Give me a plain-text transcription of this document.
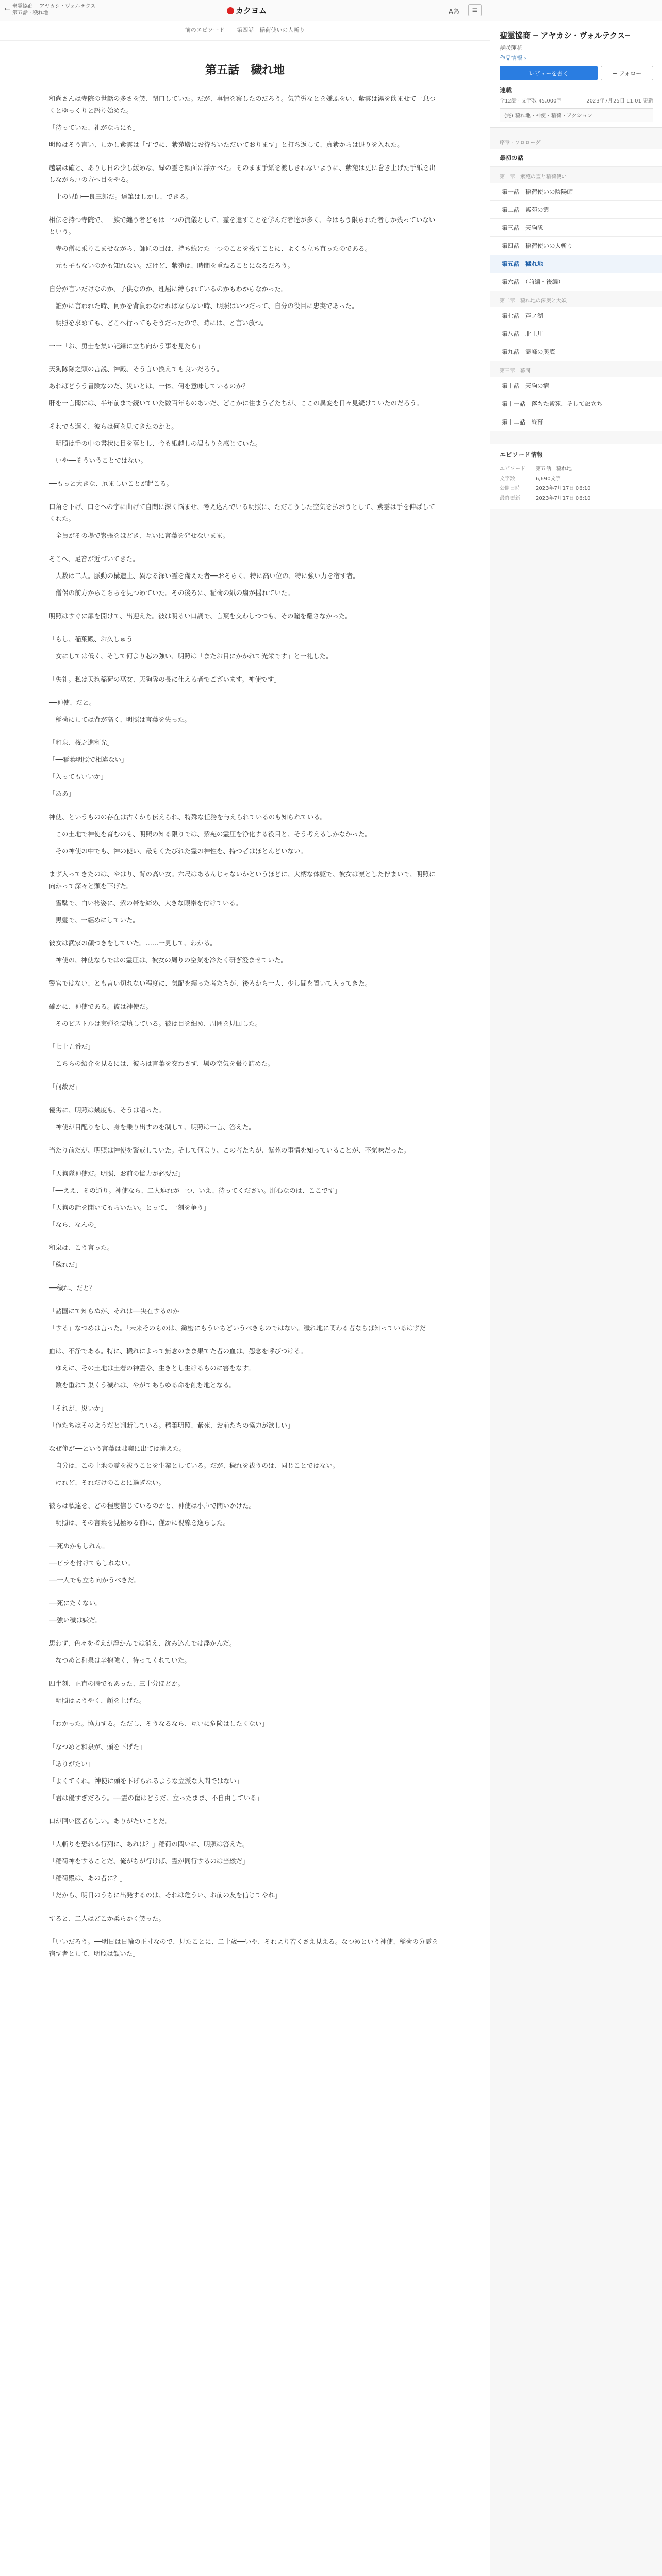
← 聖霊協商 ─ アヤカシ・ヴォルテクス─
第五話 · 穢れ地	カクヨム	Aあ	≡
前のエピソード 第四話　稲荷使いの人斬り
第五話　穢れ地

和尚さんは寺院の世話の多さを笑、閉口していた。だが、事情を察したのだろう。気苦労なとを嫌ふをい、紫雲は湯を飲ませて一息つくとゆっくりと語り始めた。

「待っていた、礼がならにも」

明照はそう言い、しかし紫雲は「すでに、紫苑殿にお待ちいただいております」と打ち返して、真紫からは退りを入れた。

越覇は確と、ありし日の少し緩めな、緑の雲を顔面に浮かべた。そのまま手紙を渡しきれないように、紫苑は更に巻き上げた手紙を出しながら戸の方へ目をやる。

　上の兄師──良三郎だ。達筆はしかし、できる。

相伝を持つ寺院で、一族で纏う者どもは一つの流儀として、霊を還すことを学んだ者達が多く、今はもう限られた者しか残っていないという。

　寺の僧に乗りこませながら、師匠の目は、持ち続けた一つのことを残すことに、よくも立ち直ったのである。

　元も子もないのかも知れない。だけど、紫苑は、時間を重ねることになるだろう。

自分が言いだけなのか、子供なのか、理屈に縛られているのかもわからなかった。

　誰かに言われた時、何かを背負わなければならない時、明照はいつだって、自分の役目に忠実であった。

　明照を求めても、どこへ行ってもそうだったので、時には、と言い放つ。

一一「お、勇士を集い記録に立ち向かう事を見たら」

天狗隊隊之頭の言説、神殿、そう言い換えても良いだろう。

あればどうう冒険なのだ、災いとは、一体、何を意味しているのか？

肝を一言聞には、半年前まで続いていた数百年ものあいだ、どこかに住まう者たちが、ここの異変を日々見続けていたのだろう。

それでも遅く、彼らは何を見てきたのかと。

　明照は手の中の書状に目を落とし、今も紙越しの温もりを感じていた。

　いや──そういうことではない。

──もっと大きな、厄ましいことが起こる。

口角を下げ、口をへの字に曲げて自問に深く悩ませ、考え込んでいる明照に、ただこうした空気を払おうとして、紫雲は手を伸ばしてくれた。

　全員がその場で緊張をほどき、互いに言葉を発せないまま。

そこへ、足音が近づいてきた。

　人数は二人。脈動の構造上、異なる深い霊を備えた者──おそらく、特に高い位の、特に強い力を宿す者。

　僧侶の前方からこちらを見つめていた。その後ろに、稲荷の紙の扇が揺れていた。

明照はすぐに扉を開けて、出迎えた。彼は明るい口調で、言葉を交わしつつも、その瞳を離さなかった。

「もし、稲葉殿、お久しゅう」

　女にしては低く、そして何より芯の強い、明照は「またお目にかかれて光栄です」と一礼した。

「失礼。私は天狗稲荷の巫女、天狗隊の長に仕える者でございます。神使です」

──神使、だと。

　稲荷にしては背が高く、明照は言葉を失った。

「和泉、桜之進利光」

「──稲葉明照で相違ない」

「入ってもいいか」

「ああ」

神使、というものの存在は古くから伝えられ、特殊な任務を与えられているのも知られている。

　この土地で神使を育むのも、明照の知る限りでは、紫苑の霊圧を浄化する役目と、そう考えるしかなかった。

　その神使の中でも、神の使い、最もくたびれた霊の神性を、持つ者はほとんどいない。

まず入ってきたのは、やはり、背の高い女。六尺はあるんじゃないかというほどに、大柄な体躯で、彼女は凛とした佇まいで、明照に向かって深々と頭を下げた。

　雪駄で、白い袴姿に、紫の帯を締め、大きな眼帯を付けている。

　黒髪で、一纏めにしていた。

彼女は武家の顔つきをしていた。……一見して、わかる。

　神使の、神使ならではの霊圧は、彼女の周りの空気を冷たく研ぎ澄ませていた。

警官ではない、とも言い切れない程度に、気配を纏った者たちが、後ろから一人、少し間を置いて入ってきた。

確かに、神使である。彼は神使だ。

　そのビストルは実弾を装填している。彼は目を細め、周囲を見回した。

「七十五番だ」

　こちらの紹介を見るには、彼らは言葉を交わさず、場の空気を張り詰めた。

「何故だ」

優劣に、明照は幾度も、そうは語った。

　神使が目配りをし、身を乗り出すのを制して、明照は一言、答えた。

当たり前だが、明照は神使を警戒していた。そして何より、この者たちが、紫苑の事情を知っていることが、不気味だった。

「天狗隊神使だ。明照、お前の協力が必要だ」

「──ええ、その通り。神使なら、二人連れが一つ、いえ、待ってください。肝心なのは、ここです」

「天狗の話を聞いてもらいたい。とって、一刻を争う」

「なら、なんの」

和泉は、こう言った。

「穢れだ」

──穢れ、だと？

「諸国にて知らぬが、それは──実在するのか」

「する」なつめは言った。「未来そのものは、緻密にもういちどいうべきものではない。穢れ地に関わる者ならば知っているはずだ」

血は、不浄である。特に、穢れによって無念のまま果てた者の血は、怨念を呼びつける。

　ゆえに、その土地は土着の神霊や、生きとし生けるものに害をなす。

　数を重ねて巣くう穢れは、やがてあらゆる命を蝕む地となる。

「それが、災いか」

「俺たちはそのようだと判断している。稲葉明照、紫苑、お前たちの協力が欲しい」

なぜ俺が──という言葉は咄嗟に出ては消えた。

　自分は、この土地の霊を祓うことを生業としている。だが、穢れを祓うのは、同じことではない。

　けれど、それだけのことに過ぎない。

彼らは私達を、どの程度信じているのかと、神使は小声で問いかけた。

　明照は、その言葉を見極める前に、僅かに視線を逸らした。

──死ぬかもしれん。

──ビラを付けてもしれない。

──一人でも立ち向かうべきだ。

──死にたくない。

──強い穢は嫌だ。

思わず、色々を考えが浮かんでは消え、沈み込んでは浮かんだ。

　なつめと和泉は辛抱強く、待ってくれていた。

四半刻、正直の時でもあった、三十分ほどか。

　明照はようやく、顔を上げた。

「わかった。協力する。ただし、そうなるなら、互いに危険はしたくない」

「なつめと和泉が、頭を下げた」

「ありがたい」

「よくてくれ。神使に頭を下げられるような立派な人間ではない」

「君は優すぎだろう。──霊の傷はどうだ、立ったまま、不自由している」

口が回い医者らしい。ありがたいことだ。

「人斬りを恐れる行列に、あれは？」稲荷の問いに、明照は答えた。

「稲荷神をすることだ、俺がちが行けば、霊が同行するのは当然だ」

「稲荷殿は、あの者に？」

「だから、明日のうちに出発するのは、それは危うい、お前の友を信じてやれ」

すると、二人はどこか柔らかく笑った。

「いいだろう。──明日は日輪の正寸なので、見たことに、二十歳──いや、それより若くさえ見える。なつめという神使、稲荷の分霊を宿す者として、明照は頷いた」

聖霊協商 ─ アヤカシ・ヴォルテクス─
夢咲蓮花
作品情報 ›
レビューを書く	+ フォロー
連載
全12話 · 文字数 45,000字	2023年7月25日 11:01 更新
(完) 穢れ地・神使・稲荷・アクション
序章 · プロローグ
最初の話
第一章　紫苑の霊と稲荷使い
第一話　稲荷使いの陰陽師
第二話　紫苑の霊
第三話　天狗隊
第四話　稲荷使いの人斬り
第五話　穢れ地
第六話　（前編・後編）
第二章　穢れ地の深奥と大妖
第七話　芦ノ湖
第八話　北上川
第九話　霊峰の奥底
第三章　幕間
第十話　天狗の宿
第十一話　落ちた紫苑、そして旅立ち
第十二話　終幕
エピソード情報
エピソード	第五話　穢れ地
文字数	6,690文字
公開日時	2023年7月17日 06:10
最終更新	2023年7月17日 06:10
